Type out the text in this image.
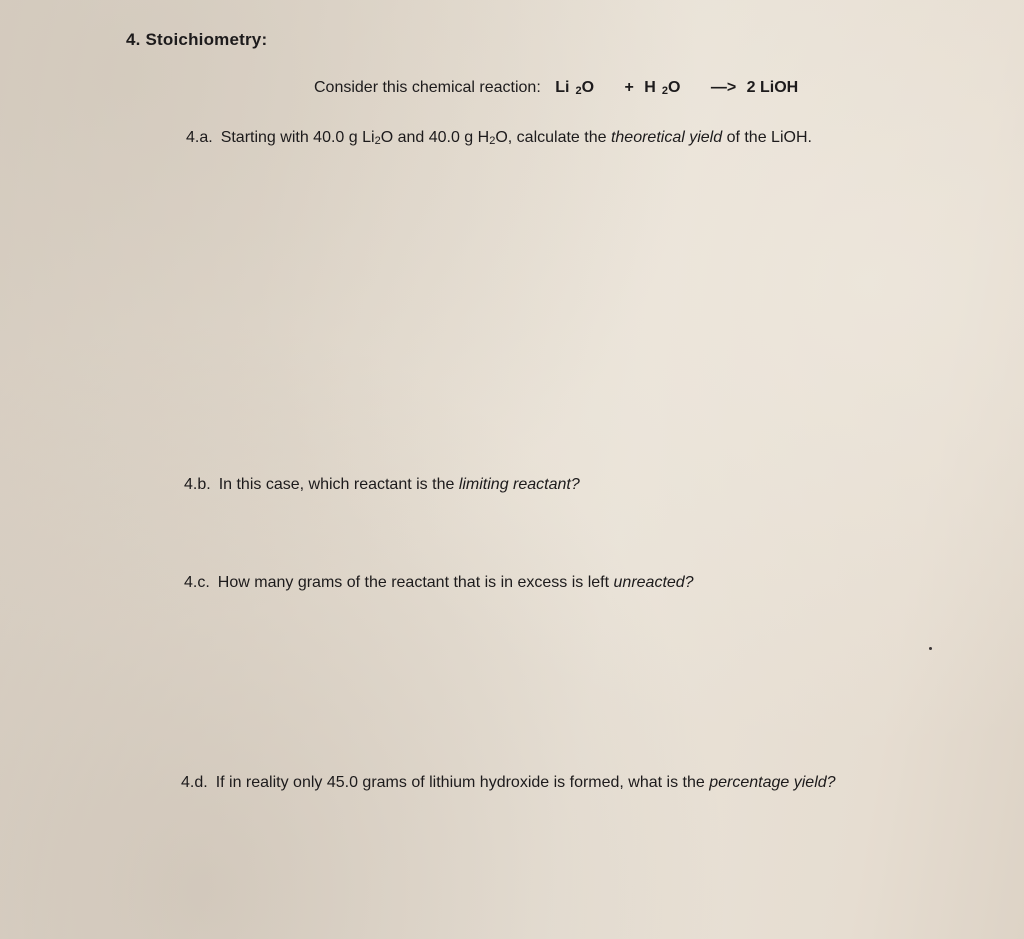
4. Stoichiometry:
Consider this chemical reaction: Li $_2$O + H $_2$O —> 2 LiOH
4.a. Starting with 40.0 g $Li_2O$ and 40.0 g $H_2O$, calculate the theoretical yield of the LiOH.
4.b. In this case, which reactant is the limiting reactant?
4.c. How many grams of the reactant that is in excess is left unreacted?
4.d. If in reality only 45.0 grams of lithium hydroxide is formed, what is the percentage yield?
